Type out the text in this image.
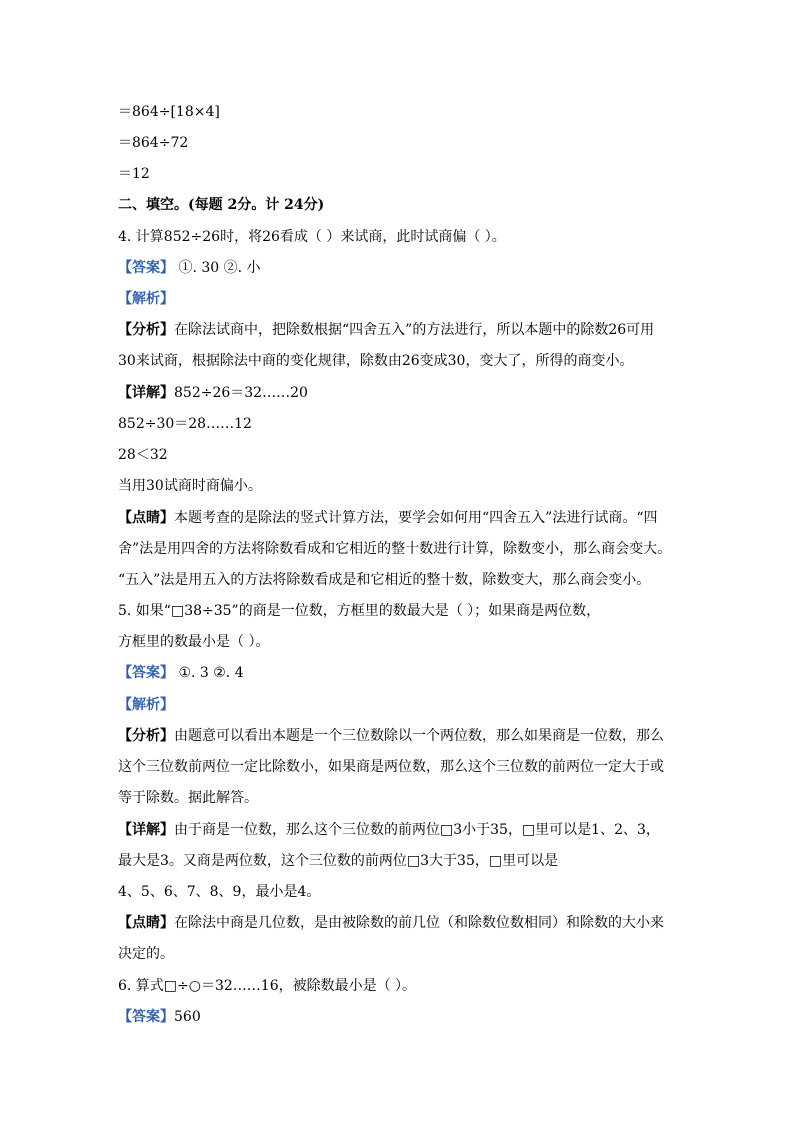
＝864÷[18×4]
＝864÷72
＝12
二、填空。(每题 2分。计 24分)
4. 计算852÷26时，将26看成（ ）来试商，此时试商偏（ ）。
【答案】 ①. 30 ②. 小
【解析】
【分析】在除法试商中，把除数根据“四舍五入”的方法进行，所以本题中的除数26可用
30来试商，根据除法中商的变化规律，除数由26变成30，变大了，所得的商变小。
【详解】852÷26＝32……20
852÷30＝28……12
28＜32
当用30试商时商偏小。
【点睛】本题考查的是除法的竖式计算方法，要学会如何用“四舍五入”法进行试商。“四
舍”法是用四舍的方法将除数看成和它相近的整十数进行计算，除数变小，那么商会变大。
“五入”法是用五入的方法将除数看成是和它相近的整十数，除数变大，那么商会变小。
5. 如果“□38÷35”的商是一位数，方框里的数最大是（ ）；如果商是两位数，
方框里的数最小是（ ）。
【答案】 ①. 3 ②. 4
【解析】
【分析】由题意可以看出本题是一个三位数除以一个两位数，那么如果商是一位数，那么
这个三位数前两位一定比除数小，如果商是两位数，那么这个三位数的前两位一定大于或
等于除数。据此解答。
【详解】由于商是一位数，那么这个三位数的前两位□3小于35，□里可以是1、2、3，
最大是3。又商是两位数，这个三位数的前两位□3大于35，□里可以是
4、5、6、7、8、9，最小是4。
【点睛】在除法中商是几位数，是由被除数的前几位（和除数位数相同）和除数的大小来
决定的。
6. 算式□÷○＝32……16，被除数最小是（ ）。
【答案】560
